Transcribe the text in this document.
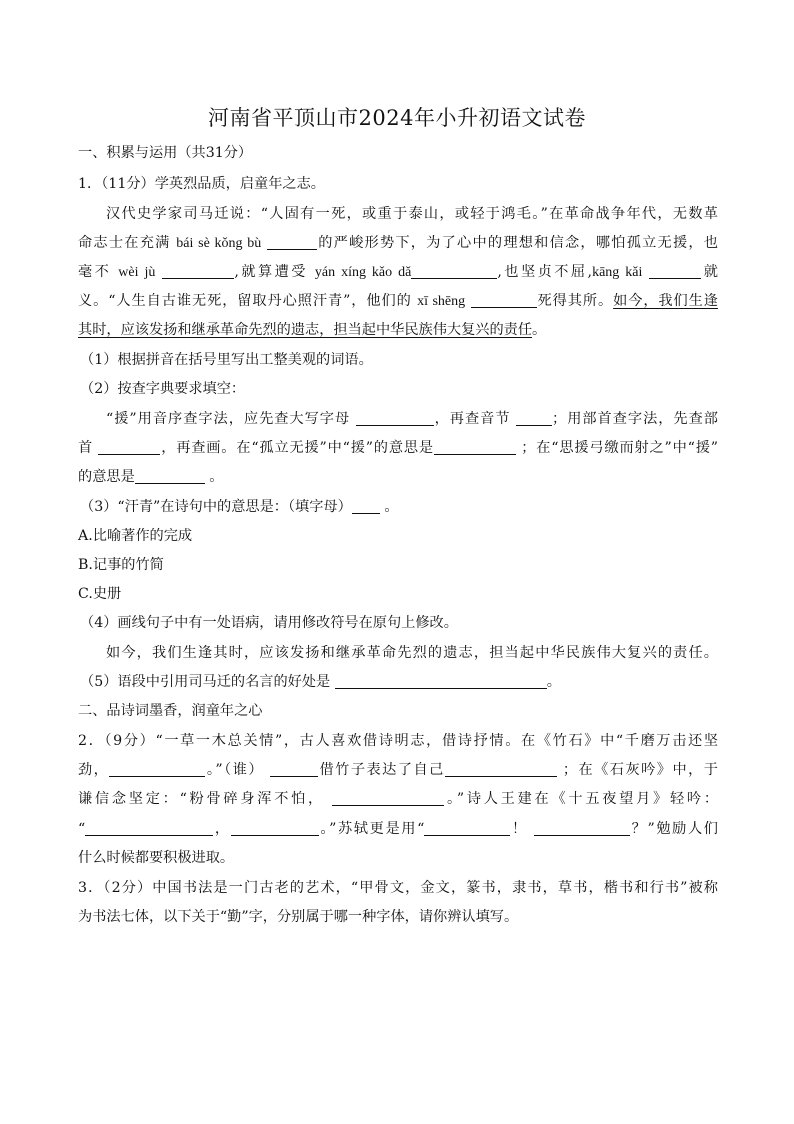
河南省平顶山市2024年小升初语文试卷
一、积累与运用（共31分）
1．（11分）学英烈品质，启童年之志。
汉代史学家司马迁说：“人固有一死，或重于泰山，或轻于鸿毛。”在革命战争年代，无数革
命志士在充满 bái sè kǒng bù	的严峻形势下，为了心中的理想和信念，哪怕孤立无援，也
毫不 wèi jù	,就算遭受 yán xíng kǎo dǎ	,也坚贞不屈,kāng kǎi	就
义。“人生自古谁无死，留取丹心照汗青”，他们的 xī shēng	死得其所。如今，我们生逢
其时，应该发扬和继承革命先烈的遗志，担当起中华民族伟大复兴的责任。
（1）根据拼音在括号里写出工整美观的词语。
（2）按查字典要求填空：
“援”用音序查字法，应先查大写字母	，再查音节	；用部首查字法，先查部
首	，再查画。在“孤立无援”中“援”的意思是	；在“思援弓缴而射之”中“援”
的意思是	。
（3）“汗青”在诗句中的意思是：（填字母） 。
A.比喻著作的完成
B.记事的竹简
C.史册
（4）画线句子中有一处语病，请用修改符号在原句上修改。
如今，我们生逢其时，应该发扬和继承革命先烈的遗志，担当起中华民族伟大复兴的责任。
（5）语段中引用司马迁的名言的好处是	。
二、品诗词墨香，润童年之心
2．（9分）“一草一木总关情”，古人喜欢借诗明志，借诗抒情。在《竹石》中“千磨万击还坚
劲，	。”（谁）	借竹子表达了自己	；在《石灰吟》中，于
谦信念坚定：“粉骨碎身浑不怕，	。”诗人王建在《十五夜望月》轻吟：
“	，	。”苏轼更是用“	！	？”勉励人们
什么时候都要积极进取。
3．（2分）中国书法是一门古老的艺术，“甲骨文，金文，篆书，隶书，草书，楷书和行书”被称
为书法七体，以下关于“勤”字，分别属于哪一种字体，请你辨认填写。
